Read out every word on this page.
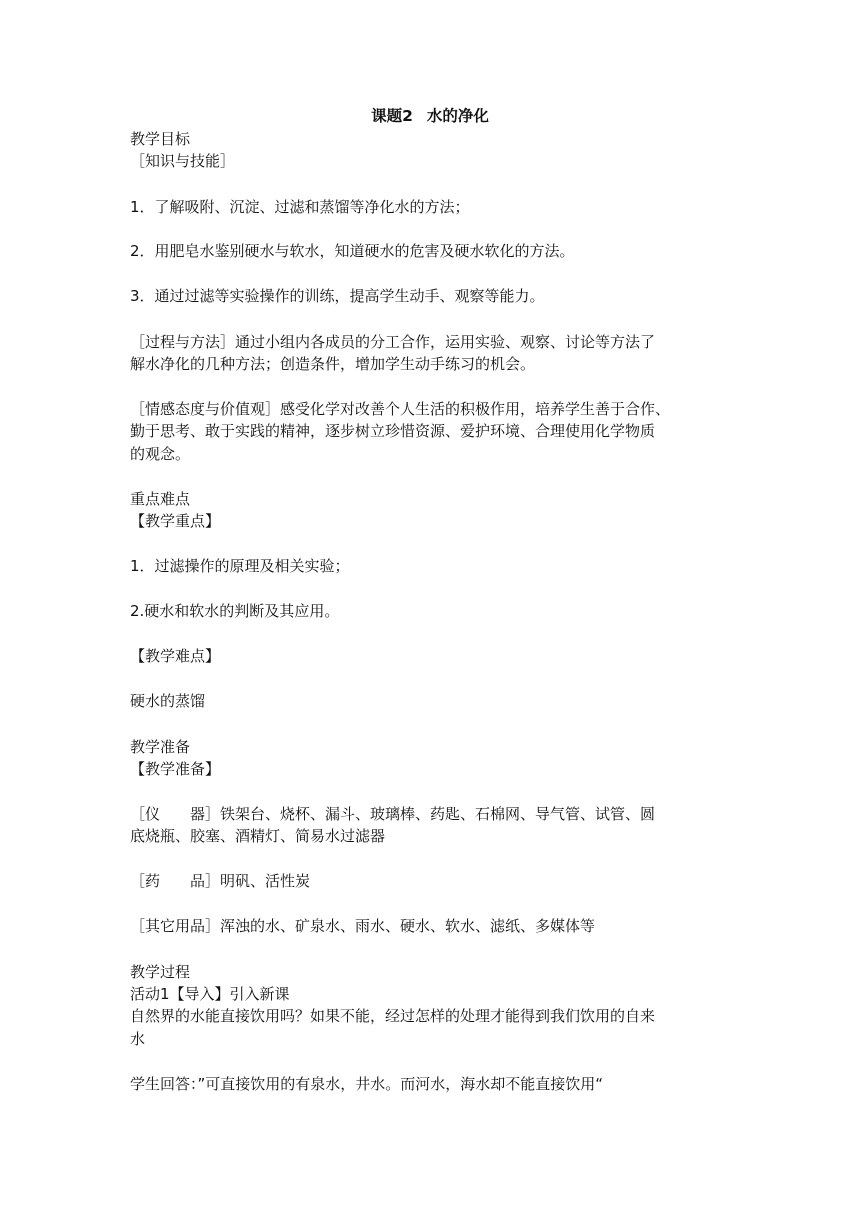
课题2 水的净化
教学目标
［知识与技能］
1．了解吸附、沉淀、过滤和蒸馏等净化水的方法；
2．用肥皂水鉴别硬水与软水，知道硬水的危害及硬水软化的方法。
3．通过过滤等实验操作的训练，提高学生动手、观察等能力。
［过程与方法］通过小组内各成员的分工合作，运用实验、观察、讨论等方法了
解水净化的几种方法；创造条件，增加学生动手练习的机会。
［情感态度与价值观］感受化学对改善个人生活的积极作用，培养学生善于合作、
勤于思考、敢于实践的精神，逐步树立珍惜资源、爱护环境、合理使用化学物质
的观念。
重点难点
【教学重点】
1．过滤操作的原理及相关实验；
2.硬水和软水的判断及其应用。
【教学难点】
硬水的蒸馏
教学准备
【教学准备】
［仪　　器］铁架台、烧杯、漏斗、玻璃棒、药匙、石棉网、导气管、试管、圆
底烧瓶、胶塞、酒精灯、简易水过滤器
［药　　品］明矾、活性炭
［其它用品］浑浊的水、矿泉水、雨水、硬水、软水、滤纸、多媒体等
教学过程
活动1【导入】引入新课
自然界的水能直接饮用吗？如果不能，经过怎样的处理才能得到我们饮用的自来
水
学生回答：”可直接饮用的有泉水，井水。而河水，海水却不能直接饮用“
